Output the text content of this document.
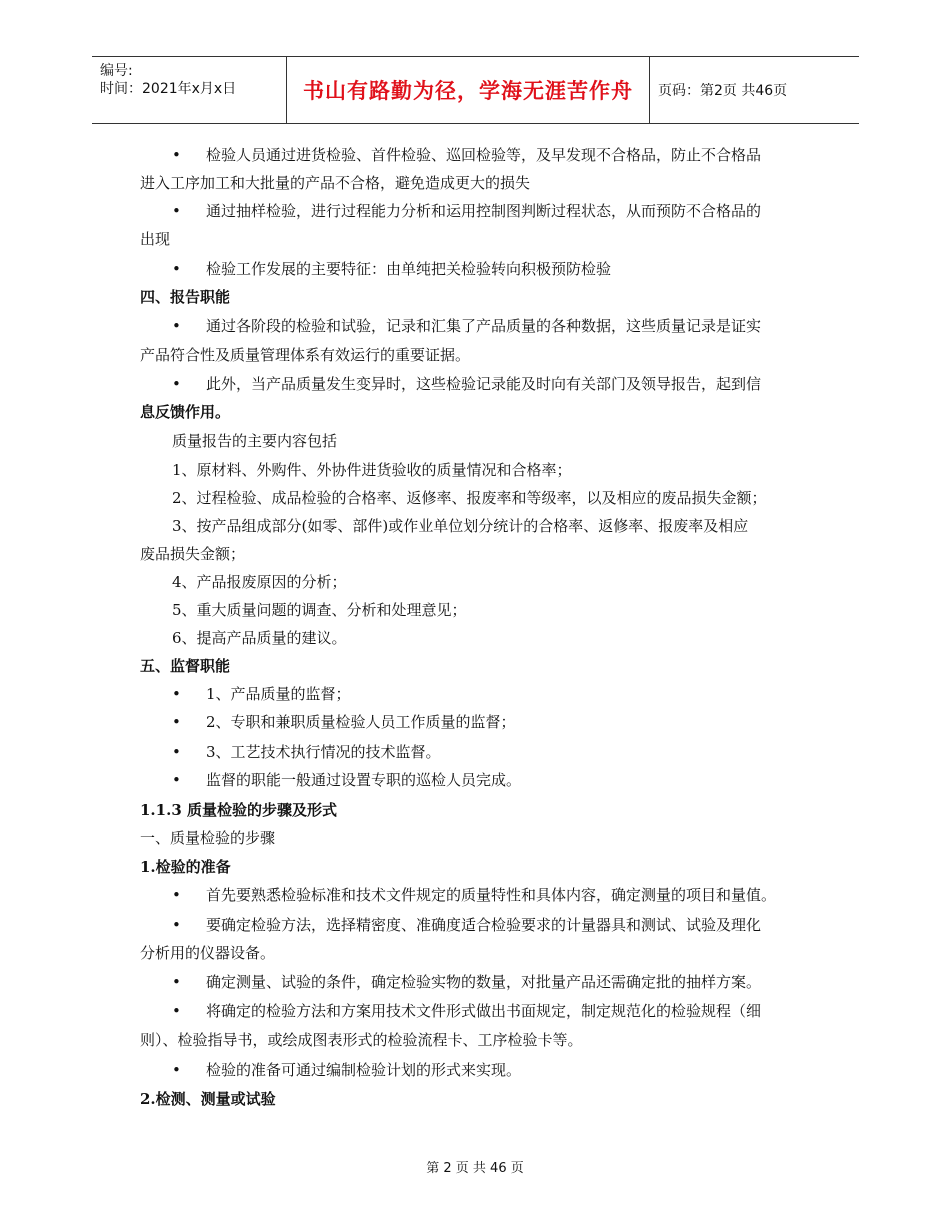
编号:
时间：2021年x月x日	书山有路勤为径，学海无涯苦作舟 页码：第2页 共46页
• 检验人员通过进货检验、首件检验、巡回检验等，及早发现不合格品，防止不合格品
进入工序加工和大批量的产品不合格，避免造成更大的损失
• 通过抽样检验，进行过程能力分析和运用控制图判断过程状态，从而预防不合格品的
出现
• 检验工作发展的主要特征：由单纯把关检验转向积极预防检验
四、报告职能
• 通过各阶段的检验和试验，记录和汇集了产品质量的各种数据，这些质量记录是证实
产品符合性及质量管理体系有效运行的重要证据。
• 此外，当产品质量发生变异时，这些检验记录能及时向有关部门及领导报告，起到信
息反馈作用。
质量报告的主要内容包括
1、原材料、外购件、外协件进货验收的质量情况和合格率；
2、过程检验、成品检验的合格率、返修率、报废率和等级率，以及相应的废品损失金额；
3、按产品组成部分(如零、部件)或作业单位划分统计的合格率、返修率、报废率及相应
废品损失金额；
4、产品报废原因的分析；
5、重大质量问题的调查、分析和处理意见；
6、提高产品质量的建议。
五、监督职能
• 1、产品质量的监督；
• 2、专职和兼职质量检验人员工作质量的监督；
• 3、工艺技术执行情况的技术监督。
• 监督的职能一般通过设置专职的巡检人员完成。
1.1.3 质量检验的步骤及形式
一、质量检验的步骤
1.检验的准备
• 首先要熟悉检验标准和技术文件规定的质量特性和具体内容，确定测量的项目和量值。
• 要确定检验方法，选择精密度、准确度适合检验要求的计量器具和测试、试验及理化
分析用的仪器设备。
• 确定测量、试验的条件，确定检验实物的数量，对批量产品还需确定批的抽样方案。
• 将确定的检验方法和方案用技术文件形式做出书面规定，制定规范化的检验规程（细
则）、检验指导书，或绘成图表形式的检验流程卡、工序检验卡等。
• 检验的准备可通过编制检验计划的形式来实现。
2.检测、测量或试验
第 2 页 共 46 页
